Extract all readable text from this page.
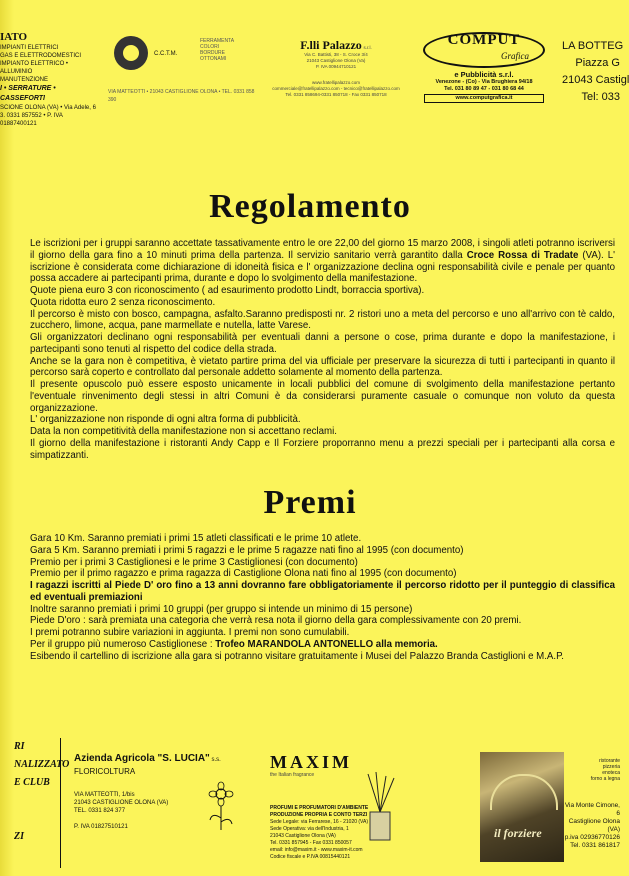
IATO
IMPIANTI ELETTRICI
GAS E ELETTRODOMESTICI
IMPIANTO ELETTRICO • ALLUMINIO
MANUTENZIONE
I • SERRATURE • CASSEFORTI
SCIONE OLONA (VA) • Via Adele, 6
3. 0331 857552 • P. IVA 01887400121
C.C.T.M.
FERRAMENTA
COLORI
BORDURE
OTTONAMI
VIA MATTEOTTI • 21043 CASTIGLIONE OLONA • TEL. 0331 858 390
F.lli Palazzo s.r.l.
Via C. Battisti, 38 - S. Croce 3/4
21043 Castiglione Olona (Va)
P. IVA 00944710121
www.fratellipalazzo.com
commerciale@fratellipalazzo.com - tecnico@fratellipalazzo.com
Tel. 0331 858694-0331 850718 - Fax 0331 850718
COMPUT
Grafica
e Pubblicità s.r.l.
Venezone - (Co) - Via Brughiera 94/18
Tel. 031 80 89 47 - 031 80 68 44
www.computgrafica.it
LA BOTTEG
Piazza G
21043 Castigl
Tel: 033
Regolamento

Le iscrizioni per i gruppi saranno accettate tassativamente entro le ore 22,00 del giorno 15 marzo 2008, i singoli atleti potranno iscriversi il giorno della gara fino a 10 minuti prima della partenza. Il servizio sanitario verrà garantito dalla Croce Rossa di Tradate (VA). L' iscrizione è considerata come dichiarazione di idoneità fisica e l' organizzazione declina ogni responsabilità civile e penale per quanto possa accadere ai partecipanti prima, durante e dopo lo svolgimento della manifestazione.

Quote piena euro 3 con riconoscimento ( ad esaurimento prodotto Lindt, borraccia sportiva).

Quota ridotta euro 2 senza riconoscimento.

Il percorso è misto con bosco, campagna, asfalto.Saranno predisposti nr. 2 ristori uno a meta del percorso e uno all'arrivo con tè caldo, zucchero, limone, acqua, pane marmellate e nutella, latte Varese.

Gli organizzatori declinano ogni responsabilità per eventuali danni a persone o cose, prima durante e dopo la manifestazione, i partecipanti sono tenuti al rispetto del codice della strada.

Anche se la gara non è competitiva, è vietato partire prima del via ufficiale per preservare la sicurezza di tutti i partecipanti in quanto il percorso sarà coperto e controllato dal personale addetto solamente al momento della partenza.

Il presente opuscolo può essere esposto unicamente in locali pubblici del comune di svolgimento della manifestazione pertanto l'eventuale rinvenimento degli stessi in altri Comuni è da considerarsi puramente casuale o comunque non voluto da questa organizzazione.

L' organizzazione non risponde di ogni altra forma di pubblicità.

Data la non competitività della manifestazione non si accettano reclami.

Il giorno della manifestazione i ristoranti Andy Capp e Il Forziere proporranno menu a prezzi speciali per i partecipanti alla corsa e simpatizzanti.

Premi

Gara 10 Km. Saranno premiati i primi 15 atleti classificati e le prime 10 atlete.

Gara 5 Km. Saranno premiati i primi 5 ragazzi e le prime 5 ragazze nati fino al 1995 (con documento)

Premio per i primi 3 Castiglionesi e le prime 3 Castiglionesi (con documento)

Premio per il primo ragazzo e prima ragazza di Castiglione Olona nati fino al 1995 (con documento)

I ragazzi iscritti al Piede D' oro fino a 13 anni dovranno fare obbligatoriamente il percorso ridotto per il punteggio di classifica ed eventuali premiazioni

Inoltre saranno premiati i primi 10 gruppi (per gruppo si intende un minimo di 15 persone)

Piede D'oro : sarà premiata una categoria che verrà resa nota il giorno della gara complessivamente con 20 premi.

I premi potranno subire variazioni in aggiunta. I premi non sono cumulabili.

Per il gruppo più numeroso Castiglionese : Trofeo MARANDOLA ANTONELLO alla memoria.

Esibendo il cartellino di iscrizione alla gara si potranno visitare gratuitamente i Musei del Palazzo Branda Castiglioni e M.A.P.

RI
NALIZZATO
E CLUB
ZI
Azienda Agricola "S. LUCIA" s.s.
FLORICOLTURA
VIA MATTEOTTI, 1/bis
21043 CASTIGLIONE OLONA (VA)
TEL. 0331 824 377
P. IVA 01827510121
MAXIM
the Italian fragrance
PROFUMI E PROFUMATORI D'AMBIENTE
PRODUZIONE PROPRIA E CONTO TERZI
Sede Legale: via Ferrarese, 16 - 21020 (VA)
Sede Operativa: via dell'Industria, 1
21043 Castiglione Olona (VA)
Tel. 0331 857945 - Fax 0331 850057
email: info@maxim.it - www.maxim-it.com
Codice fiscale e P.IVA 00815440121
il forziere
ristorante
pizzeria
enoteca
forno a legna
Via Monte Cimone, 6
Castiglione Olona (VA)
p.iva 02936770126
Tel. 0331 861817
